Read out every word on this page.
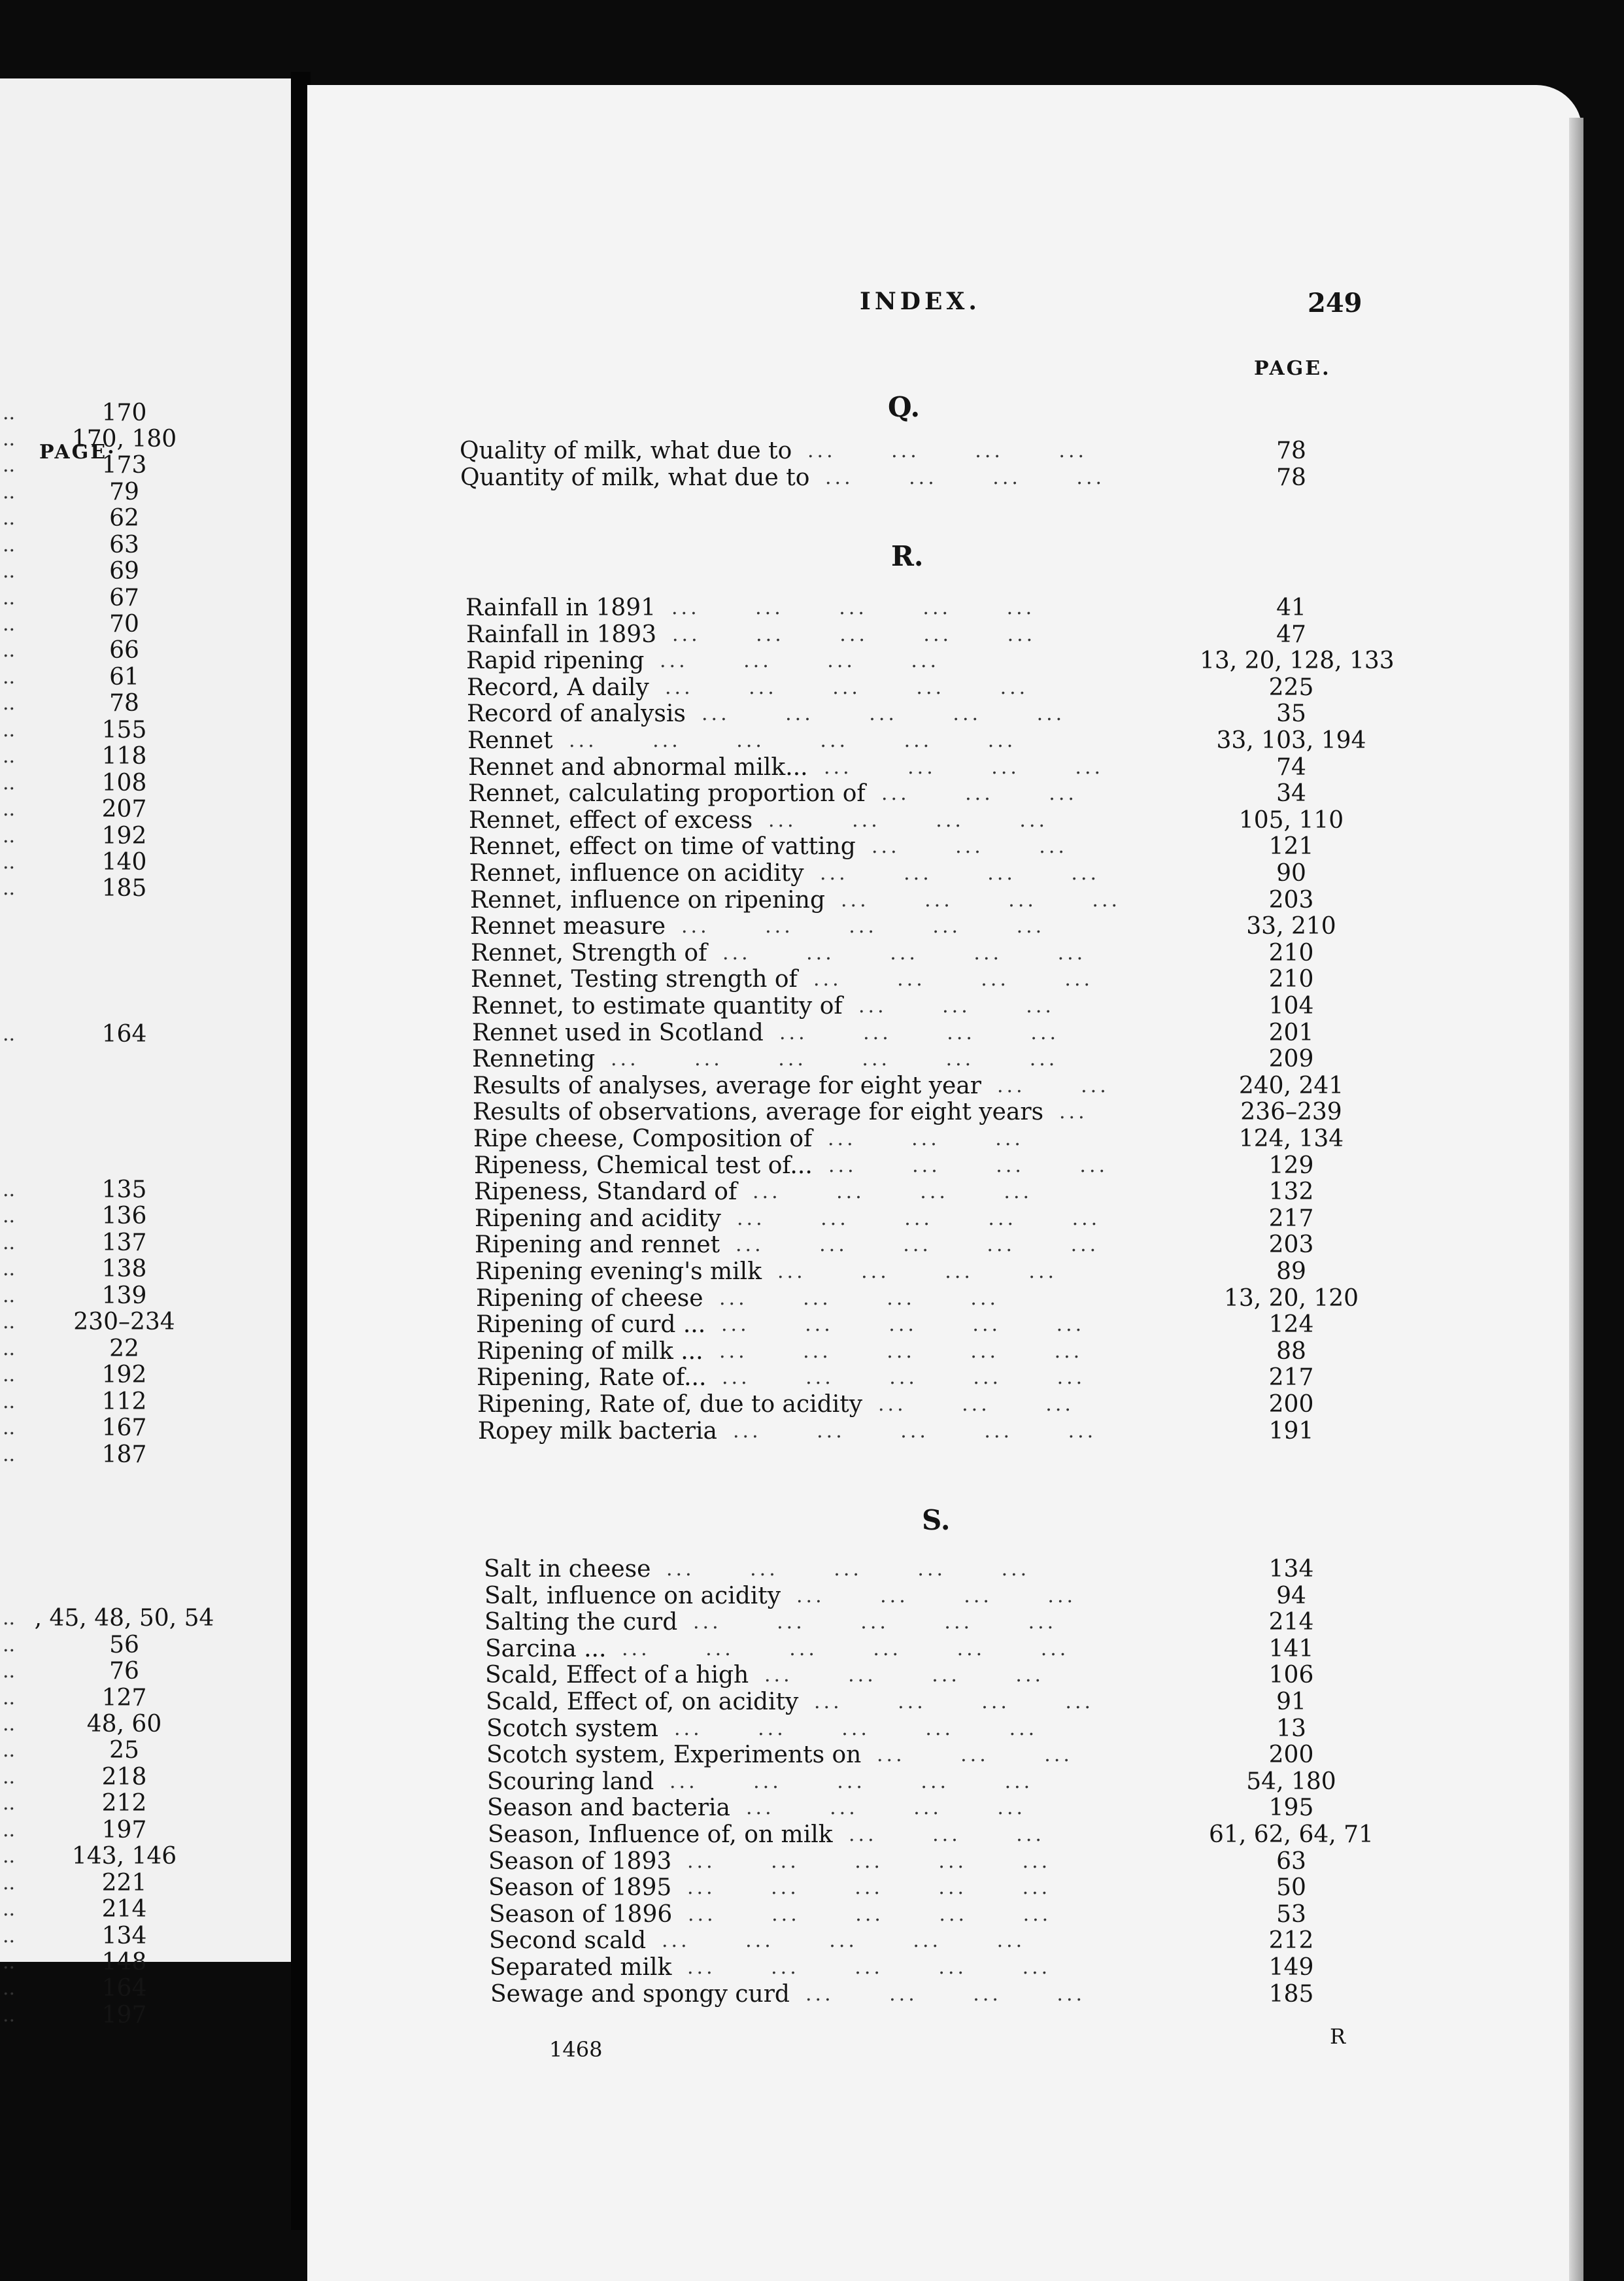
PAGE·
..	170
..	170, 180
..	173
..	79
..	62
..	63
..	69
..	67
..	70
..	66
..	61
..	78
..	155
..	118
..	108
..	207
..	192
..	140
..	185
..	164
..	135
..	136
..	137
..	138
..	139
..	230–234
..	22
..	192
..	112
..	167
..	187
.. , 45, 48, 50, 54
..	56
..	76
..	127
..	48, 60
..	25
..	218
..	212
..	197
..	143, 146
..	221
..	214
..	134
..	148
..	164
..	197
INDEX.	249
PAGE.
Q.
Quality of milk, what due to	78
...   ...   ...   ...  
Quantity of milk, what due to	78
...   ...   ...   ...  
R.
Rainfall in 1891	41
...   ...   ...   ...   ...  
Rainfall in 1893	47
...   ...   ...   ...   ...  
Rapid ripening	13, 20, 128, 133
...   ...   ...   ...  
Record, A daily	225
...   ...   ...   ...   ...  
Record of analysis	35
...   ...   ...   ...   ...  
Rennet	33, 103, 194
...   ...   ...   ...   ...   ...  
Rennet and abnormal milk...	74
...   ...   ...   ...  
Rennet, calculating proportion of	34
...   ...   ...  
Rennet, effect of excess	105, 110
...   ...   ...   ...  
Rennet, effect on time of vatting	121
...   ...   ...  
Rennet, influence on acidity	90
...   ...   ...   ...  
Rennet, influence on ripening	203
...   ...   ...   ...  
Rennet measure	33, 210
...   ...   ...   ...   ...  
Rennet, Strength of	210
...   ...   ...   ...   ...  
Rennet, Testing strength of	210
...   ...   ...   ...  
Rennet, to estimate quantity of	104
...   ...   ...  
Rennet used in Scotland	201
...   ...   ...   ...  
Renneting	209
...   ...   ...   ...   ...   ...  
Results of analyses, average for eight year	240, 241
...   ...  
Results of observations, average for eight years	236–239
...  
Ripe cheese, Composition of	124, 134
...   ...   ...  
Ripeness, Chemical test of...	129
...   ...   ...   ...  
Ripeness, Standard of	132
...   ...   ...   ...  
Ripening and acidity	217
...   ...   ...   ...   ...  
Ripening and rennet	203
...   ...   ...   ...   ...  
Ripening evening's milk	89
...   ...   ...   ...  
Ripening of cheese	13, 20, 120
...   ...   ...   ...  
Ripening of curd ...	124
...   ...   ...   ...   ...  
Ripening of milk ...	88
...   ...   ...   ...   ...  
Ripening, Rate of...	217
...   ...   ...   ...   ...  
Ripening, Rate of, due to acidity	200
...   ...   ...  
Ropey milk bacteria	191
...   ...   ...   ...   ...  
S.
Salt in cheese	134
...   ...   ...   ...   ...  
Salt, influence on acidity	94
...   ...   ...   ...  
Salting the curd	214
...   ...   ...   ...   ...  
Sarcina ...	141
...   ...   ...   ...   ...   ...  
Scald, Effect of a high	106
...   ...   ...   ...  
Scald, Effect of, on acidity	91
...   ...   ...   ...  
Scotch system	13
...   ...   ...   ...   ...  
Scotch system, Experiments on	200
...   ...   ...  
Scouring land	54, 180
...   ...   ...   ...   ...  
Season and bacteria	195
...   ...   ...   ...  
Season, Influence of, on milk	61, 62, 64, 71
...   ...   ...  
Season of 1893	63
...   ...   ...   ...   ...  
Season of 1895	50
...   ...   ...   ...   ...  
Season of 1896	53
...   ...   ...   ...   ...  
Second scald	212
...   ...   ...   ...   ...  
Separated milk	149
...   ...   ...   ...   ...  
Sewage and spongy curd	185
...   ...   ...   ...  
1468
R
